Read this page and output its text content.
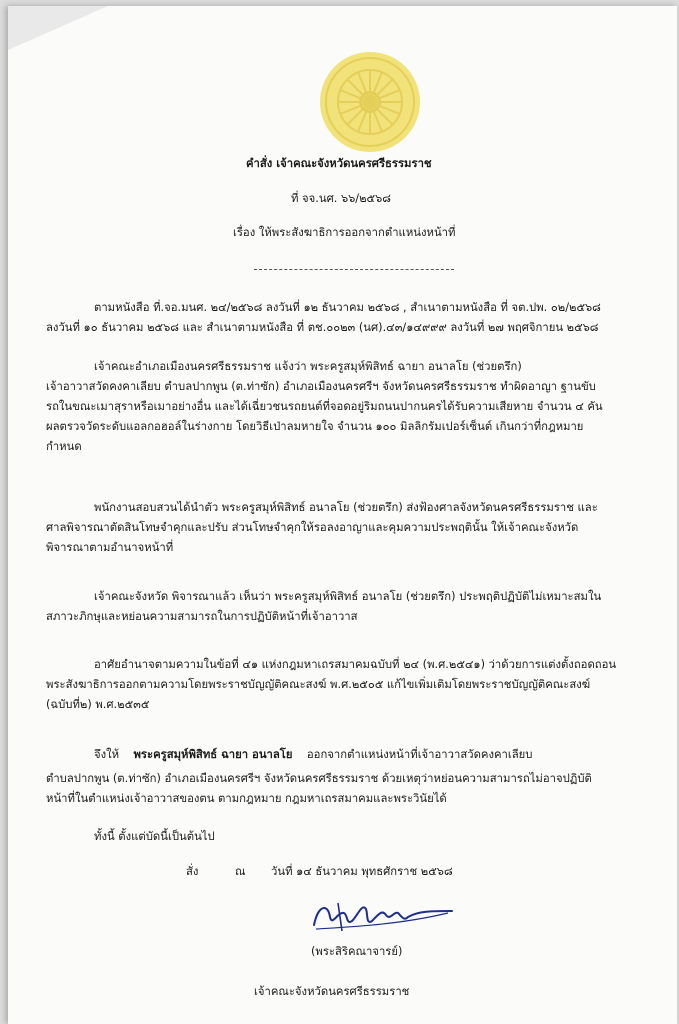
คำสั่ง เจ้าคณะจังหวัดนครศรีธรรมราช
ที่ จจ.นศ. ๖๖/๒๕๖๘
เรื่อง ให้พระสังฆาธิการออกจากตำแหน่งหน้าที่
ตามหนังสือ ที่.จอ.มนศ. ๒๔/๒๕๖๘ ลงวันที่ ๑๒ ธันวาคม ๒๕๖๘ , สำเนาตามหนังสือ ที่ จต.ปพ. ๐๒/๒๕๖๘
ลงวันที่ ๑๐ ธันวาคม ๒๕๖๘ และ สำเนาตามหนังสือ ที่ ตช.๐๐๒๓ (นศ).๔๓/๑๔๙๙๙ ลงวันที่ ๒๗ พฤศจิกายน ๒๕๖๘
เจ้าคณะอำเภอเมืองนครศรีธรรมราช แจ้งว่า พระครูสมุห์พิสิทธ์ ฉายา อนาลโย (ช่วยตรึก)
เจ้าอาวาสวัดคงคาเลียบ ตำบลปากพูน (ต.ท่าซัก) อำเภอเมืองนครศรีฯ จังหวัดนครศรีธรรมราช ทำผิดอาญา ฐานขับ
รถในขณะเมาสุราหรือเมาอย่างอื่น และได้เฉี่ยวชนรถยนต์ที่จอดอยู่ริมถนนปากนครได้รับความเสียหาย จำนวน ๔ คัน
ผลตรวจวัดระดับแอลกอฮอล์ในร่างกาย โดยวิธีเป่าลมหายใจ จำนวน ๑๐๐ มิลลิกรัมเปอร์เซ็นต์ เกินกว่าที่กฎหมาย
กำหนด
พนักงานสอบสวนได้นำตัว พระครูสมุห์พิสิทธ์ อนาลโย (ช่วยตรึก) ส่งฟ้องศาลจังหวัดนครศรีธรรมราช และ
ศาลพิจารณาตัดสินโทษจำคุกและปรับ ส่วนโทษจำคุกให้รอลงอาญาและคุมความประพฤตินั้น ให้เจ้าคณะจังหวัด
พิจารณาตามอำนาจหน้าที่
เจ้าคณะจังหวัด พิจารณาแล้ว เห็นว่า พระครูสมุห์พิสิทธ์ อนาลโย (ช่วยตรึก) ประพฤติปฏิบัติไม่เหมาะสมใน
สภาวะภิกษุและหย่อนความสามารถในการปฏิบัติหน้าที่เจ้าอาวาส
อาศัยอำนาจตามความในข้อที่ ๔๑ แห่งกฎมหาเถรสมาคมฉบับที่ ๒๔ (พ.ศ.๒๕๔๑) ว่าด้วยการแต่งตั้งถอดถอน
พระสังฆาธิการออกตามความโดยพระราชบัญญัติคณะสงฆ์ พ.ศ.๒๕๐๕ แก้ไขเพิ่มเติมโดยพระราชบัญญัติคณะสงฆ์
(ฉบับที่๒) พ.ศ.๒๕๓๕
จึงให้ พระครูสมุห์พิสิทธ์ ฉายา อนาลโย ออกจากตำแหน่งหน้าที่เจ้าอาวาสวัดคงคาเลียบ
ตำบลปากพูน (ต.ท่าซัก) อำเภอเมืองนครศรีฯ จังหวัดนครศรีธรรมราช ด้วยเหตุว่าหย่อนความสามารถไม่อาจปฏิบัติ
หน้าที่ในตำแหน่งเจ้าอาวาสของตน ตามกฎหมาย กฎมหาเถรสมาคมและพระวินัยได้
ทั้งนี้ ตั้งแต่บัดนี้เป็นต้นไป
สั่ง	ณ วันที่ ๑๔ ธันวาคม พุทธศักราช ๒๕๖๘
(พระสิริคณาจารย์)
เจ้าคณะจังหวัดนครศรีธรรมราช
